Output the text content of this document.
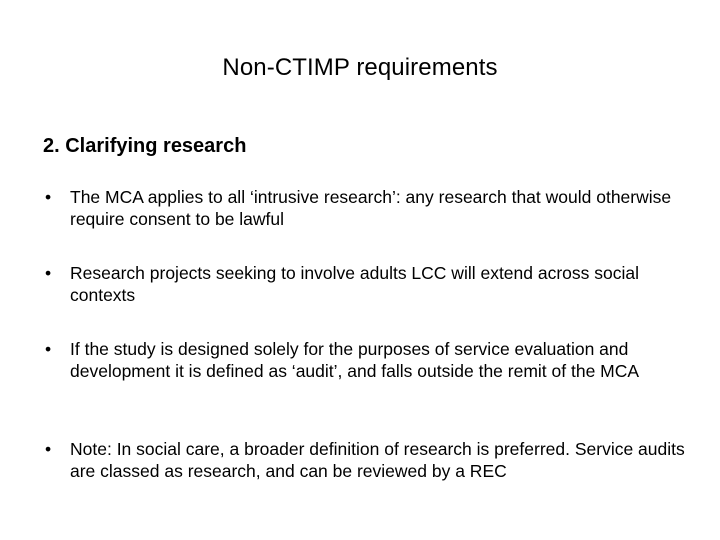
Non-CTIMP requirements
2. Clarifying research
•	The MCA applies to all ‘intrusive research’: any research that would otherwise require consent to be lawful
•	Research projects seeking to involve adults LCC will extend across social contexts
•	If the study is designed solely for the purposes of service evaluation and development it is defined as ‘audit’, and falls outside the remit of the MCA
•	Note: In social care, a broader definition of research is preferred. Service audits are classed as research, and can be reviewed by a REC
